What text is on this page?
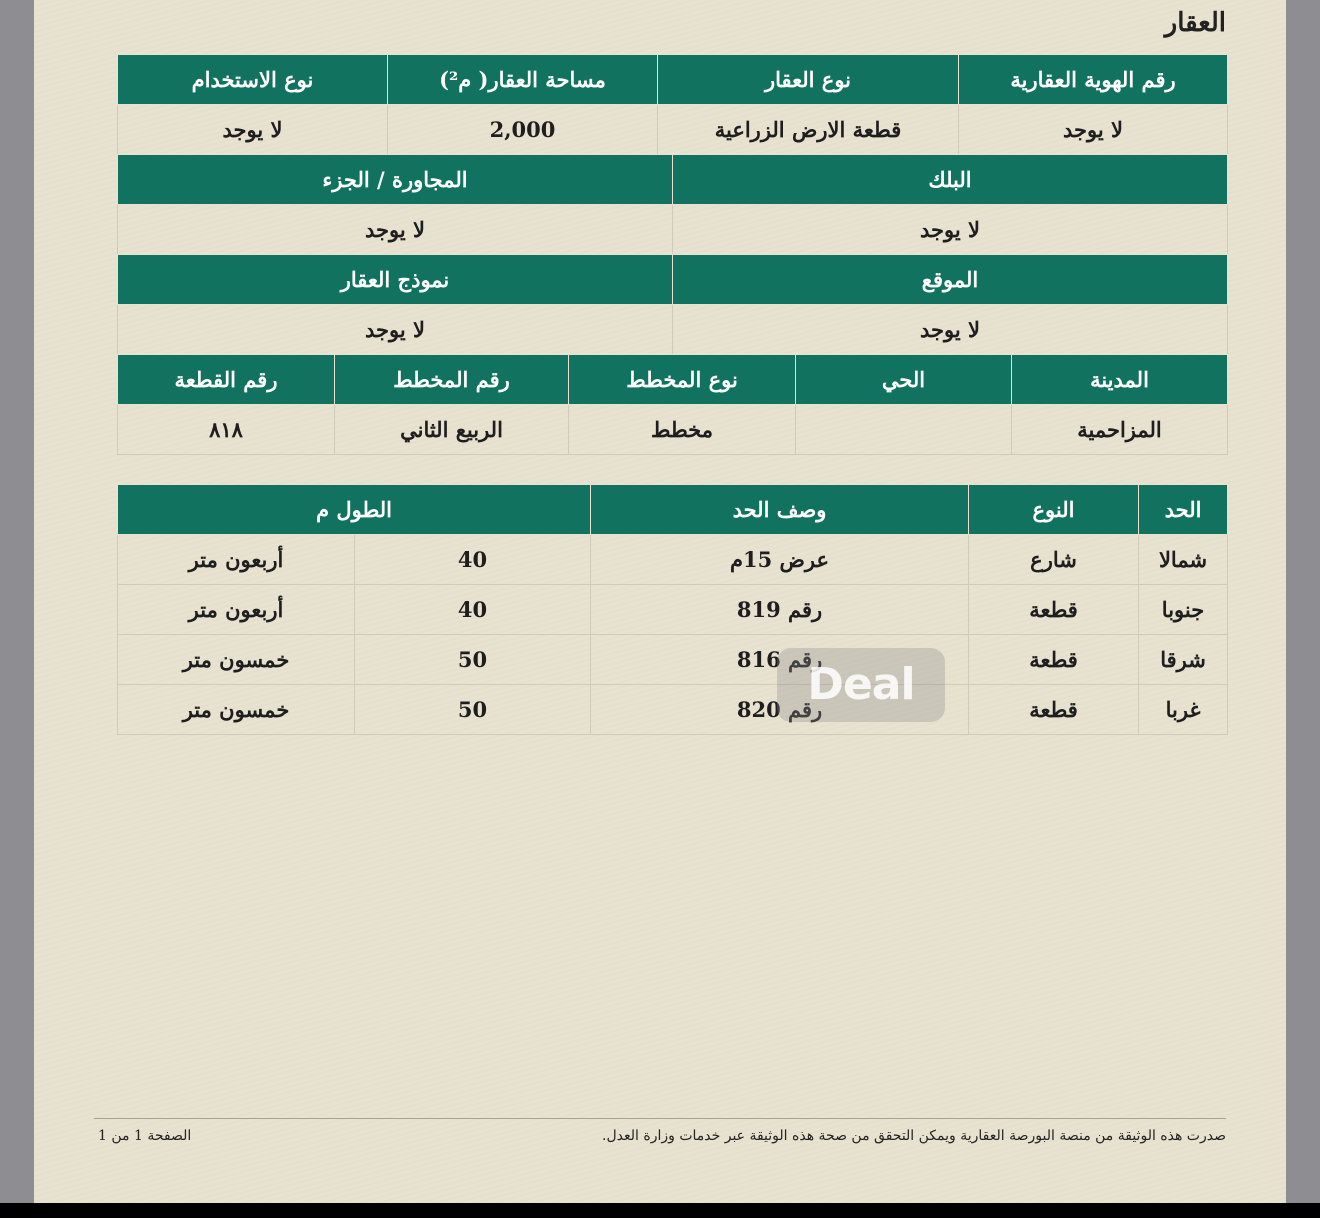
العقار
رقم الهوية العقارية	نوع العقار	مساحة العقار( م²)	نوع الاستخدام
لا يوجد	قطعة الارض الزراعية	2,000	لا يوجد
البلك	المجاورة / الجزء
لا يوجد	لا يوجد
الموقع	نموذج العقار
لا يوجد	لا يوجد
المدينة	الحي	نوع المخطط	رقم المخطط	رقم القطعة
المزاحمية		مخطط	الربيع الثاني	٨١٨
الحد	النوع	وصف الحد	الطول م	
شمالا	شارع	عرض 15م	40	أربعون متر
جنوبا	قطعة	رقم 819	40	أربعون متر
شرقا	قطعة	رقم 816	50	خمسون متر
غربا	قطعة	رقم 820	50	خمسون متر	Deal
صدرت هذه الوثيقة من منصة البورصة العقارية ويمكن التحقق من صحة هذه الوثيقة عبر خدمات وزارة العدل.
الصفحة 1 من 1
